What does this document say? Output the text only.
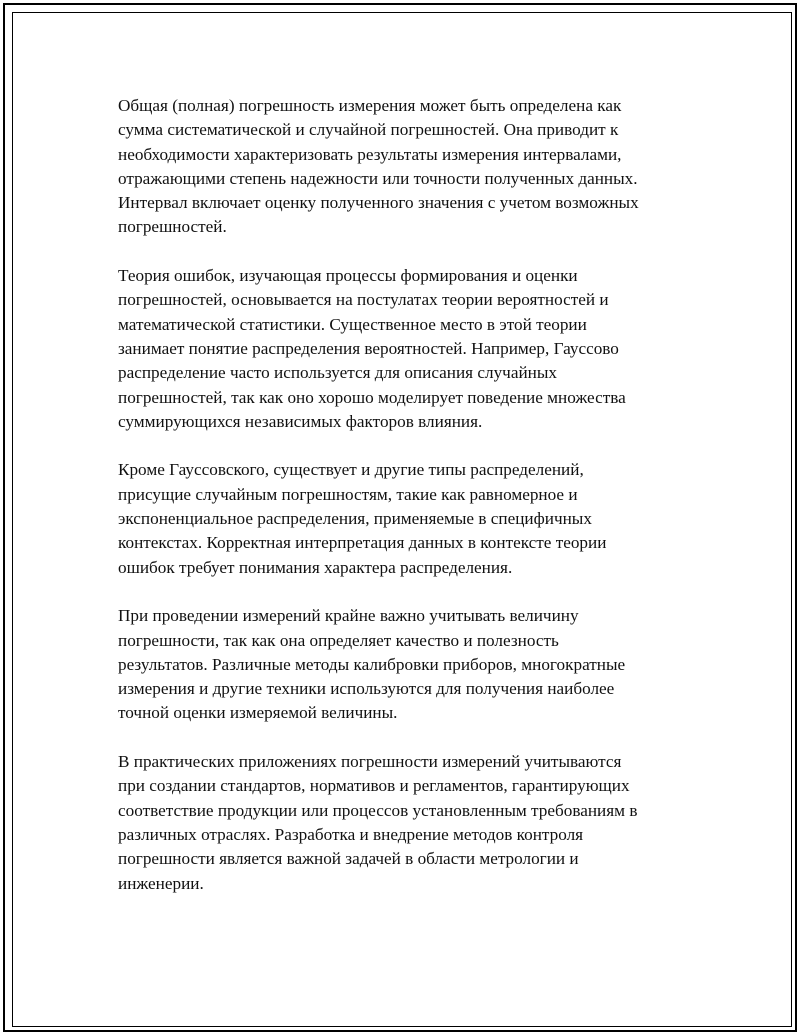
Общая (полная) погрешность измерения может быть определена как
сумма систематической и случайной погрешностей. Она приводит к
необходимости характеризовать результаты измерения интервалами,
отражающими степень надежности или точности полученных данных.
Интервал включает оценку полученного значения с учетом возможных
погрешностей.

Теория ошибок, изучающая процессы формирования и оценки
погрешностей, основывается на постулатах теории вероятностей и
математической статистики. Существенное место в этой теории
занимает понятие распределения вероятностей. Например, Гауссово
распределение часто используется для описания случайных
погрешностей, так как оно хорошо моделирует поведение множества
суммирующихся независимых факторов влияния.

Кроме Гауссовского, существует и другие типы распределений,
присущие случайным погрешностям, такие как равномерное и
экспоненциальное распределения, применяемые в специфичных
контекстах. Корректная интерпретация данных в контексте теории
ошибок требует понимания характера распределения.

При проведении измерений крайне важно учитывать величину
погрешности, так как она определяет качество и полезность
результатов. Различные методы калибровки приборов, многократные
измерения и другие техники используются для получения наиболее
точной оценки измеряемой величины.

В практических приложениях погрешности измерений учитываются
при создании стандартов, нормативов и регламентов, гарантирующих
соответствие продукции или процессов установленным требованиям в
различных отраслях. Разработка и внедрение методов контроля
погрешности является важной задачей в области метрологии и
инженерии.
